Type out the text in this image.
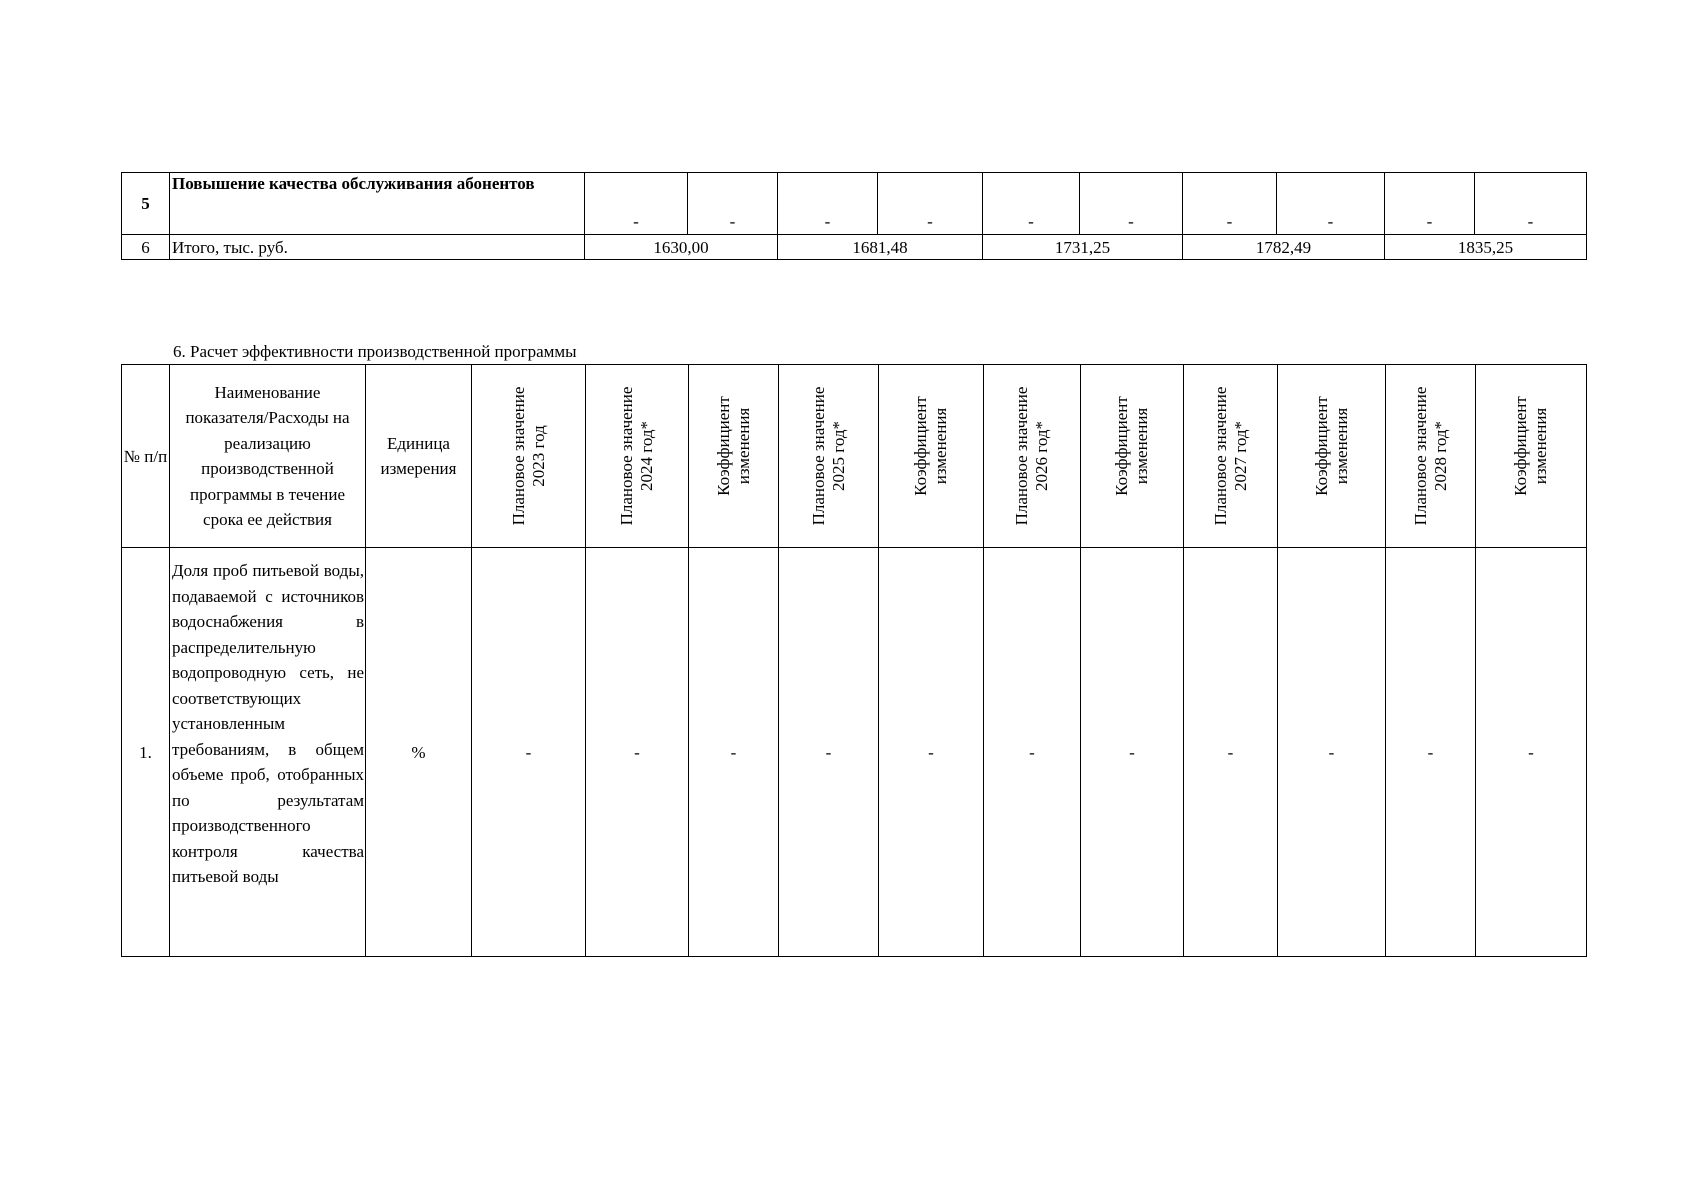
5	Повышение качества обслуживания абонентов	-	-	-	-	-	-	-	-	-	-
6	Итого, тыс. руб.	1630,00		1681,48		1731,25		1782,49		1835,25	
6. Расчет эффективности производственной программы
№ п/п	Наименование показателя/Расходы на реализацию производственной программы в течение срока ее действия	Единица измерения	Плановое значение 2023 год	Плановое значение 2024 год*	Коэффициент изменения	Плановое значение 2025 год*	Коэффициент изменения	Плановое значение 2026 год*	Коэффициент изменения	Плановое значение 2027 год*	Коэффициент изменения	Плановое значение 2028 год*	Коэффициент изменения

1.	Доля проб питьевой воды, подаваемой с источников водоснабжения в распределительную водопроводную сеть, не соответствующих установленным требованиям, в общем объеме проб, отобранных по результатам производственного контроля качества питьевой воды	%	-	-	-	-	-	-	-	-	-	-	-
